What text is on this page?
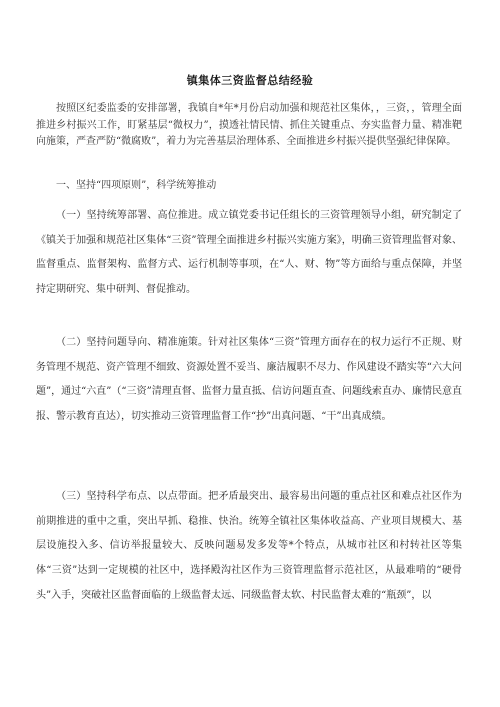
镇集体三资监督总结经验
按照区纪委监委的安排部署，我镇自*年*月份启动加强和规范社区集体，，三资，，管理全面推进乡村振兴工作，盯紧基层“微权力”，摸透社情民情、抓住关键重点、夯实监督力量、精准靶向施策，严查严防“微腐败”，着力为完善基层治理体系、全面推进乡村振兴提供坚强纪律保障。
一、坚持“四项原则”，科学统筹推动
（一）坚持统筹部署、高位推进。成立镇党委书记任组长的三资管理领导小组，研究制定了《镇关于加强和规范社区集体“三资”管理全面推进乡村振兴实施方案》，明确三资管理监督对象、监督重点、监督架构、监督方式、运行机制等事项，在“人、财、物”等方面给与重点保障，并坚持定期研究、集中研判、督促推动。
（二）坚持问题导向、精准施策。针对社区集体“三资”管理方面存在的权力运行不正规、财务管理不规范、资产管理不细致、资源处置不妥当、廉洁履职不尽力、作风建设不踏实等“六大问题”，通过“六直”（“三资”清理直督、监督力量直抵、信访问题直查、问题线索直办、廉情民意直报、警示教育直达），切实推动三资管理监督工作“抄”出真问题、“干”出真成绩。
（三）坚持科学布点、以点带面。把矛盾最突出、最容易出问题的重点社区和难点社区作为前期推进的重中之重，突出早抓、稳推、快治。统筹全镇社区集体收益高、产业项目规模大、基层设施投入多、信访举报量较大、反映问题易发多发等*个特点，从城市社区和村转社区等集体“三资”达到一定规模的社区中，选择殿沟社区作为三资管理监督示范社区，从最难啃的“硬骨头”入手，突破社区监督面临的上级监督太远、同级监督太软、村民监督太难的“瓶颈”，以
